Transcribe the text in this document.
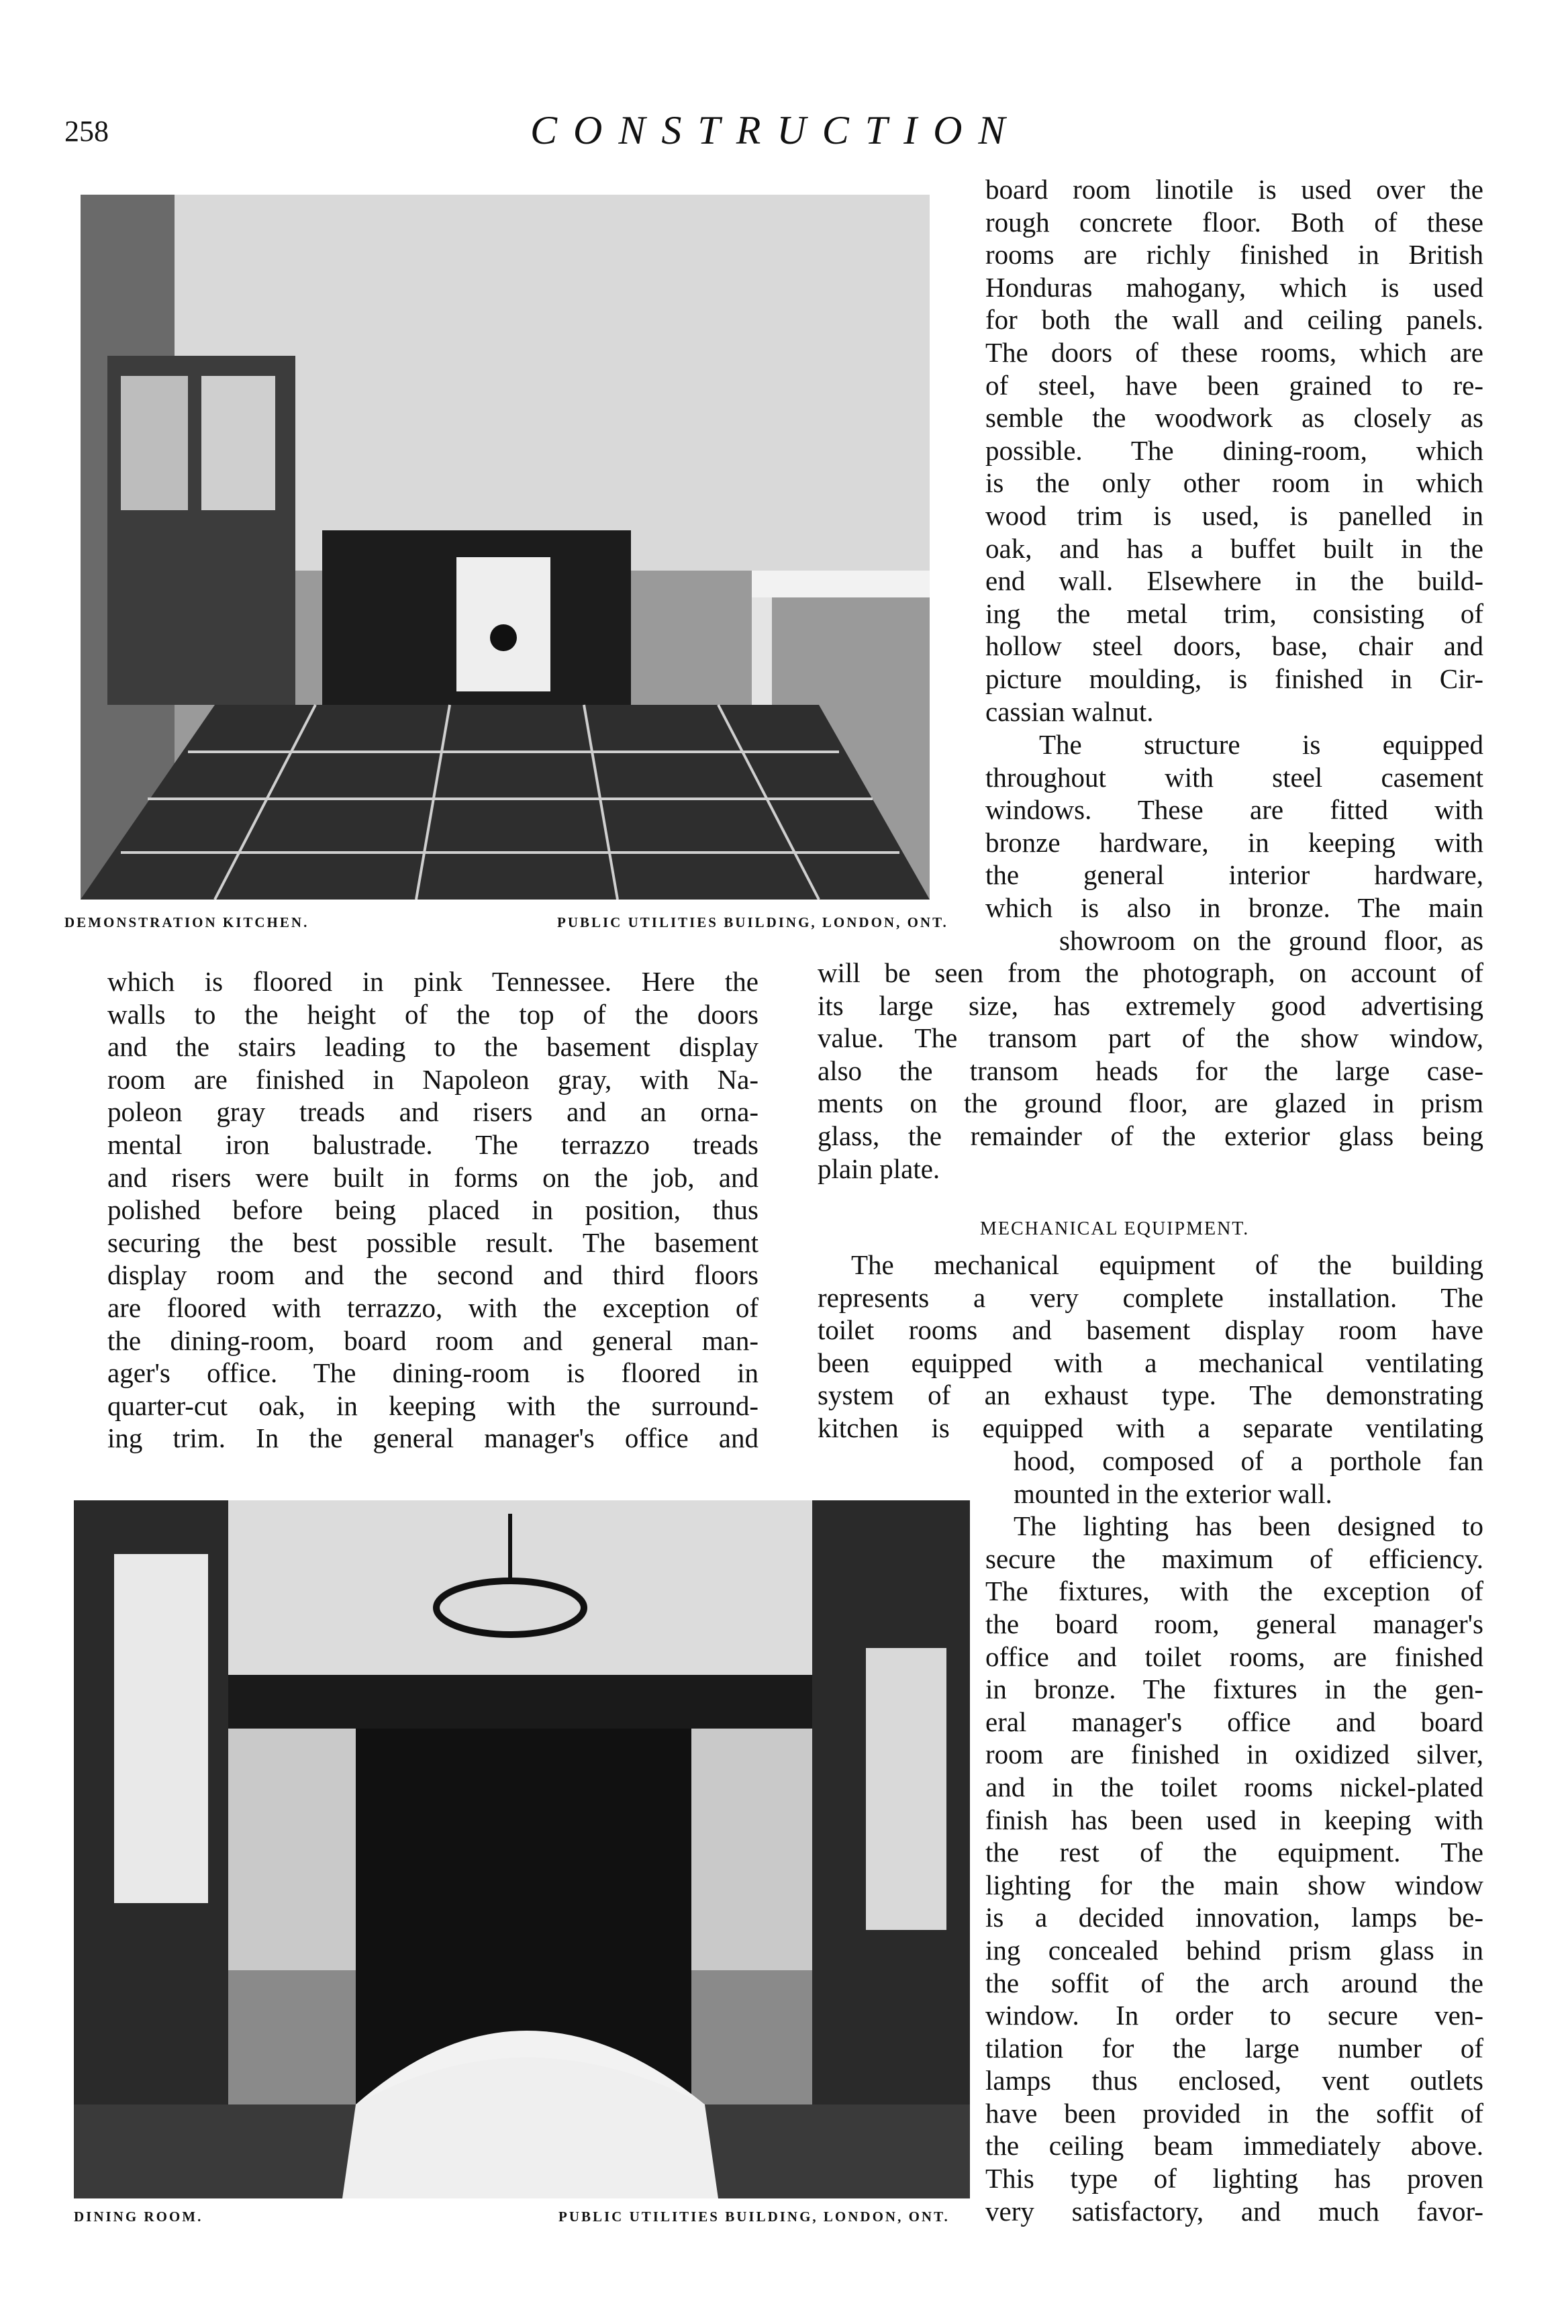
258	CONSTRUCTION
DEMONSTRATION KITCHEN.	PUBLIC UTILITIES BUILDING, LONDON, ONT.
board room linotile is used over the
rough concrete floor. Both of these
rooms are richly finished in British
Honduras mahogany, which is used
for both the wall and ceiling panels.
The doors of these rooms, which are
of steel, have been grained to re-
semble the woodwork as closely as
possible. The dining-room, which
is the only other room in which
wood trim is used, is panelled in
oak, and has a buffet built in the
end wall. Elsewhere in the build-
ing the metal trim, consisting of
hollow steel doors, base, chair and
picture moulding, is finished in Cir-
cassian walnut.
The structure is equipped
throughout with steel casement
windows. These are fitted with
bronze hardware, in keeping with
the general interior hardware,
which is also in bronze. The main
showroom on the ground floor, as
will be seen from the photograph, on account of
its large size, has extremely good advertising
value. The transom part of the show window,
also the transom heads for the large case-
ments on the ground floor, are glazed in prism
glass, the remainder of the exterior glass being
plain plate.
MECHANICAL EQUIPMENT.
The mechanical equipment of the building
represents a very complete installation. The
toilet rooms and basement display room have
been equipped with a mechanical ventilating
system of an exhaust type. The demonstrating
kitchen is equipped with a separate ventilating
hood, composed of a porthole fan
mounted in the exterior wall.
The lighting has been designed to
secure the maximum of efficiency.
The fixtures, with the exception of
the board room, general manager's
office and toilet rooms, are finished
in bronze. The fixtures in the gen-
eral manager's office and board
room are finished in oxidized silver,
and in the toilet rooms nickel-plated
finish has been used in keeping with
the rest of the equipment. The
lighting for the main show window
is a decided innovation, lamps be-
ing concealed behind prism glass in
the soffit of the arch around the
window. In order to secure ven-
tilation for the large number of
lamps thus enclosed, vent outlets
have been provided in the soffit of
the ceiling beam immediately above.
This type of lighting has proven
very satisfactory, and much favor-
which is floored in pink Tennessee. Here the
walls to the height of the top of the doors
and the stairs leading to the basement display
room are finished in Napoleon gray, with Na-
poleon gray treads and risers and an orna-
mental iron balustrade. The terrazzo treads
and risers were built in forms on the job, and
polished before being placed in position, thus
securing the best possible result. The basement
display room and the second and third floors
are floored with terrazzo, with the exception of
the dining-room, board room and general man-
ager's office. The dining-room is floored in
quarter-cut oak, in keeping with the surround-
ing trim. In the general manager's office and
DINING ROOM.	PUBLIC UTILITIES BUILDING, LONDON, ONT.
